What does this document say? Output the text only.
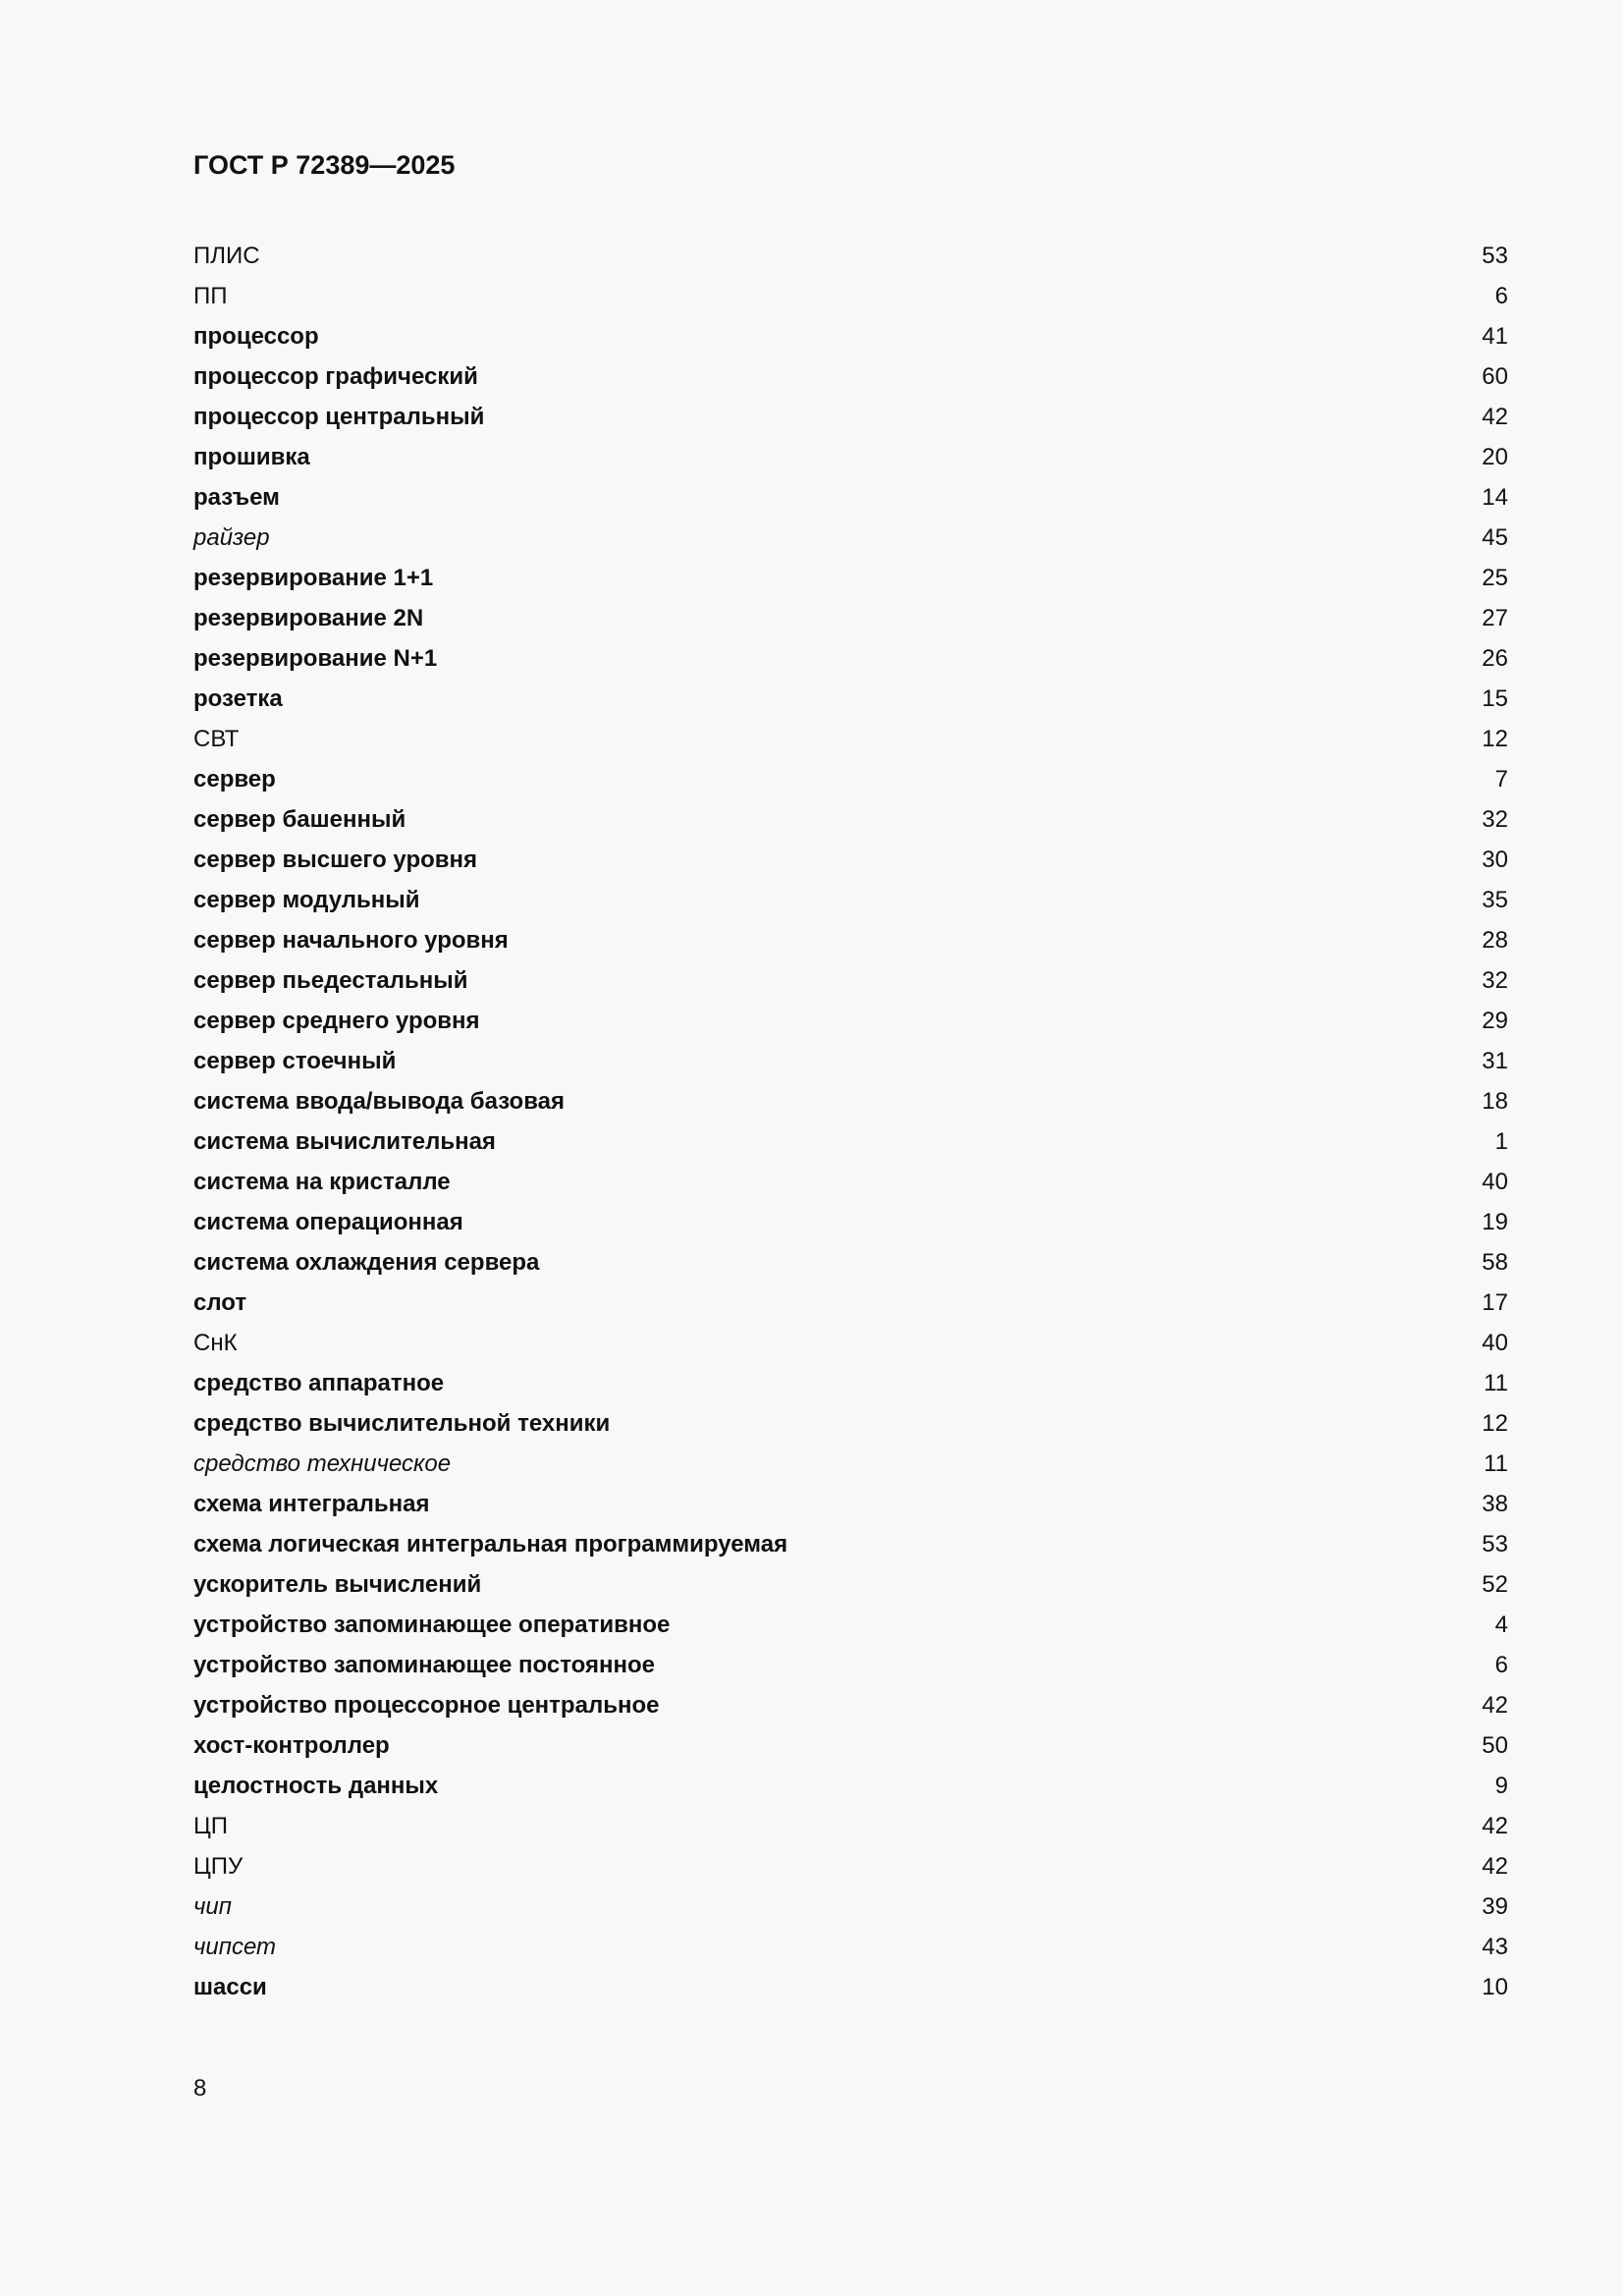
ГОСТ Р 72389—2025
ПЛИС	53
ПП	6
процессор	41
процессор графический	60
процессор центральный	42
прошивка	20
разъем	14
райзер	45
резервирование 1+1	25
резервирование 2N	27
резервирование N+1	26
розетка	15
СВТ	12
сервер	7
сервер башенный	32
сервер высшего уровня	30
сервер модульный	35
сервер начального уровня	28
сервер пьедестальный	32
сервер среднего уровня	29
сервер стоечный	31
система ввода/вывода базовая	18
система вычислительная	1
система на кристалле	40
система операционная	19
система охлаждения сервера	58
слот	17
СнК	40
средство аппаратное	11
средство вычислительной техники	12
средство техническое	11
схема интегральная	38
схема логическая интегральная программируемая	53
ускоритель вычислений	52
устройство запоминающее оперативное	4
устройство запоминающее постоянное	6
устройство процессорное центральное	42
хост-контроллер	50
целостность данных	9
ЦП	42
ЦПУ	42
чип	39
чипсет	43
шасси	10
8
